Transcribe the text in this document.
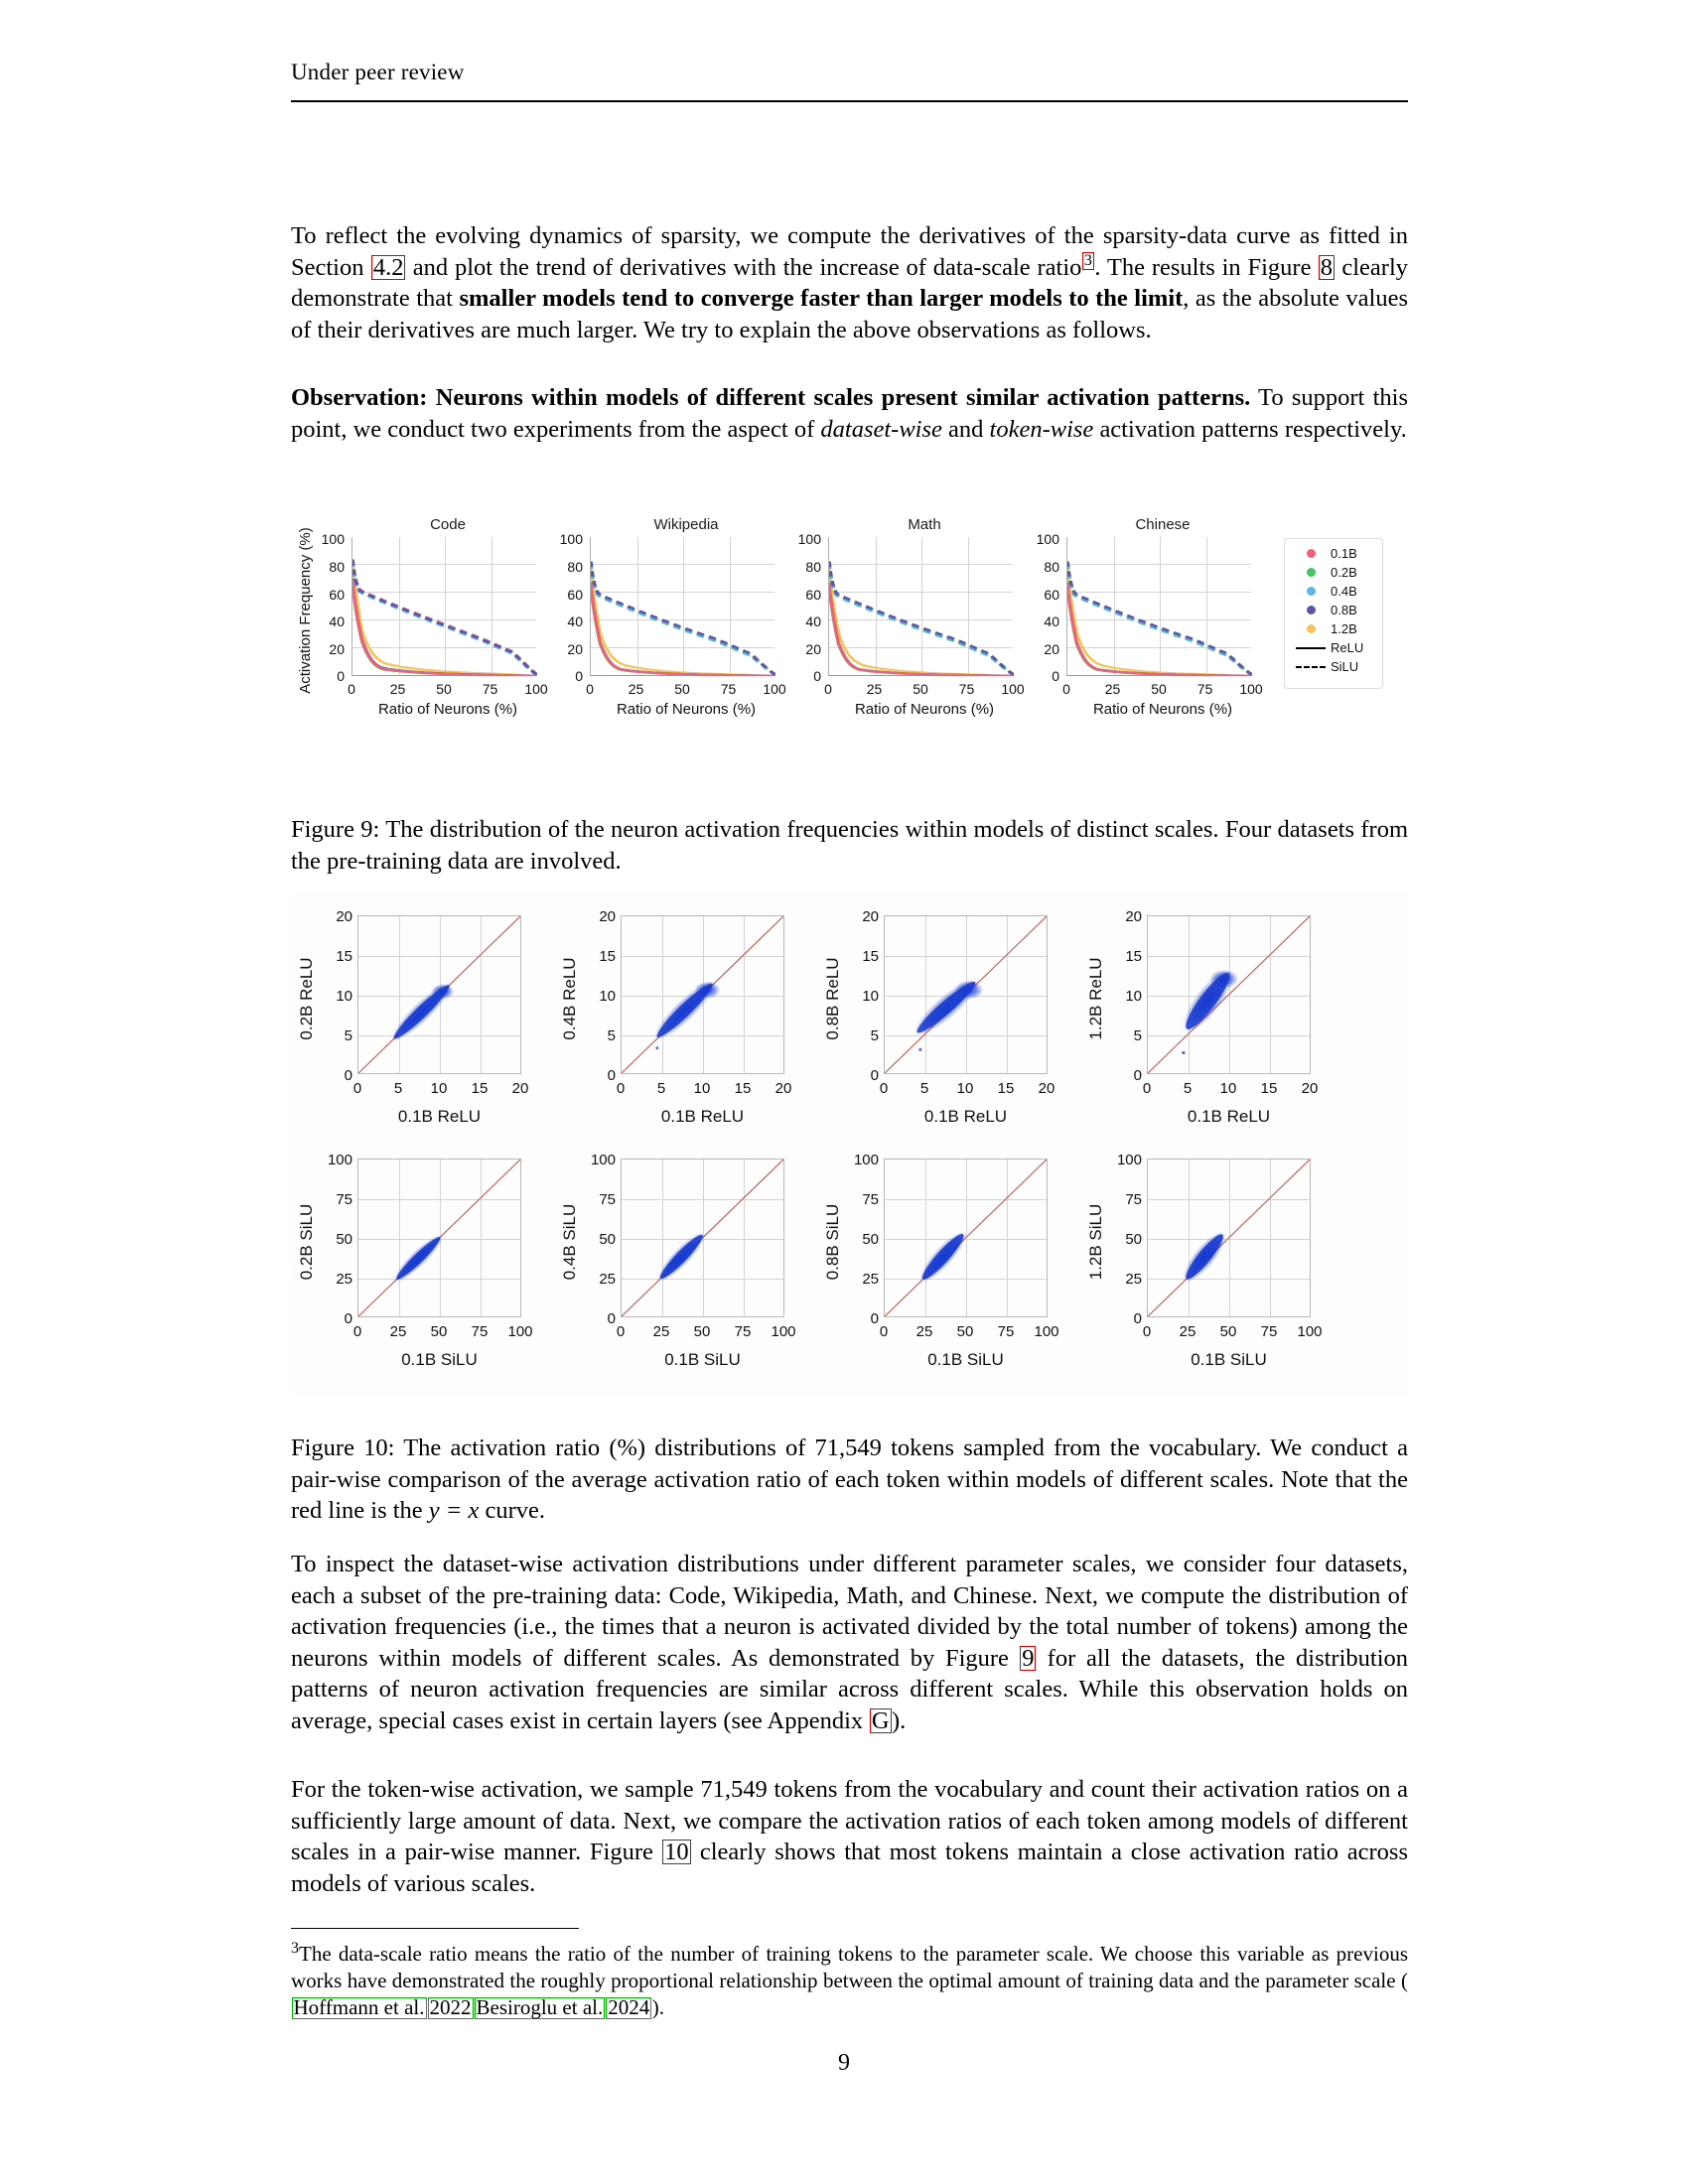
Under peer review

To reflect the evolving dynamics of sparsity, we compute the derivatives of the sparsity-data curve as fitted in Section 4.2 and plot the trend of derivatives with the increase of data-scale ratio $^3$ . The results in Figure 8 clearly demonstrate that smaller models tend to converge faster than larger models to the limit, as the absolute values of their derivatives are much larger. We try to explain the above observations as follows.

Observation: Neurons within models of different scales present similar activation patterns. To support this point, we conduct two experiments from the aspect of dataset-wise and token-wise activation patterns respectively.

Activation Frequency (%)
Code
100
80
60
40
20
0
0	25	50	75	100
Ratio of Neurons (%)
Wikipedia
100
80
60
40
20
0
0	25	50	75	100
Ratio of Neurons (%)
Math
100
80
60
40
20
0
0	25	50	75	100
Ratio of Neurons (%)
Chinese
100
80
60
40
20
0
0	25	50	75	100
Ratio of Neurons (%)
0.1B
0.2B
0.4B
0.8B
1.2B
ReLU
SiLU
Figure 9: The distribution of the neuron activation frequencies within models of distinct scales. Four datasets from the pre-training data are involved.
0.2B ReLU
20
15
10
5
0
0	5	10	15	20
0.1B ReLU
0.4B ReLU
20
15
10
5
0
0	5	10	15	20
0.1B ReLU
0.8B ReLU
20
15
10
5
0
0	5	10	15	20
0.1B ReLU
1.2B ReLU
20
15
10
5
0
0	5	10	15	20
0.1B ReLU
0.2B SiLU
100
75
50
25
0
0	25	50	75	100
0.1B SiLU
0.4B SiLU
100
75
50
25
0
0	25	50	75	100
0.1B SiLU
0.8B SiLU
100
75
50
25
0
0	25	50	75	100
0.1B SiLU
1.2B SiLU
100
75
50
25
0
0	25	50	75	100
0.1B SiLU
Figure 10: The activation ratio (%) distributions of 71,549 tokens sampled from the vocabulary. We conduct a pair-wise comparison of the average activation ratio of each token within models of different scales. Note that the red line is the y = x curve.

To inspect the dataset-wise activation distributions under different parameter scales, we consider four datasets, each a subset of the pre-training data: Code, Wikipedia, Math, and Chinese. Next, we compute the distribution of activation frequencies (i.e., the times that a neuron is activated divided by the total number of tokens) among the neurons within models of different scales. As demonstrated by Figure 9 for all the datasets, the distribution patterns of neuron activation frequencies are similar across different scales. While this observation holds on average, special cases exist in certain layers (see Appendix G ).

For the token-wise activation, we sample 71,549 tokens from the vocabulary and count their activation ratios on a sufficiently large amount of data. Next, we compare the activation ratios of each token among models of different scales in a pair-wise manner. Figure 10 clearly shows that most tokens maintain a close activation ratio across models of various scales.

$^3$The data-scale ratio means the ratio of the number of training tokens to the parameter scale. We choose this variable as previous works have demonstrated the roughly proportional relationship between the optimal amount of training data and the parameter scale (Hoffmann et al. 2022 Besiroglu et al. 2024 ).
9
